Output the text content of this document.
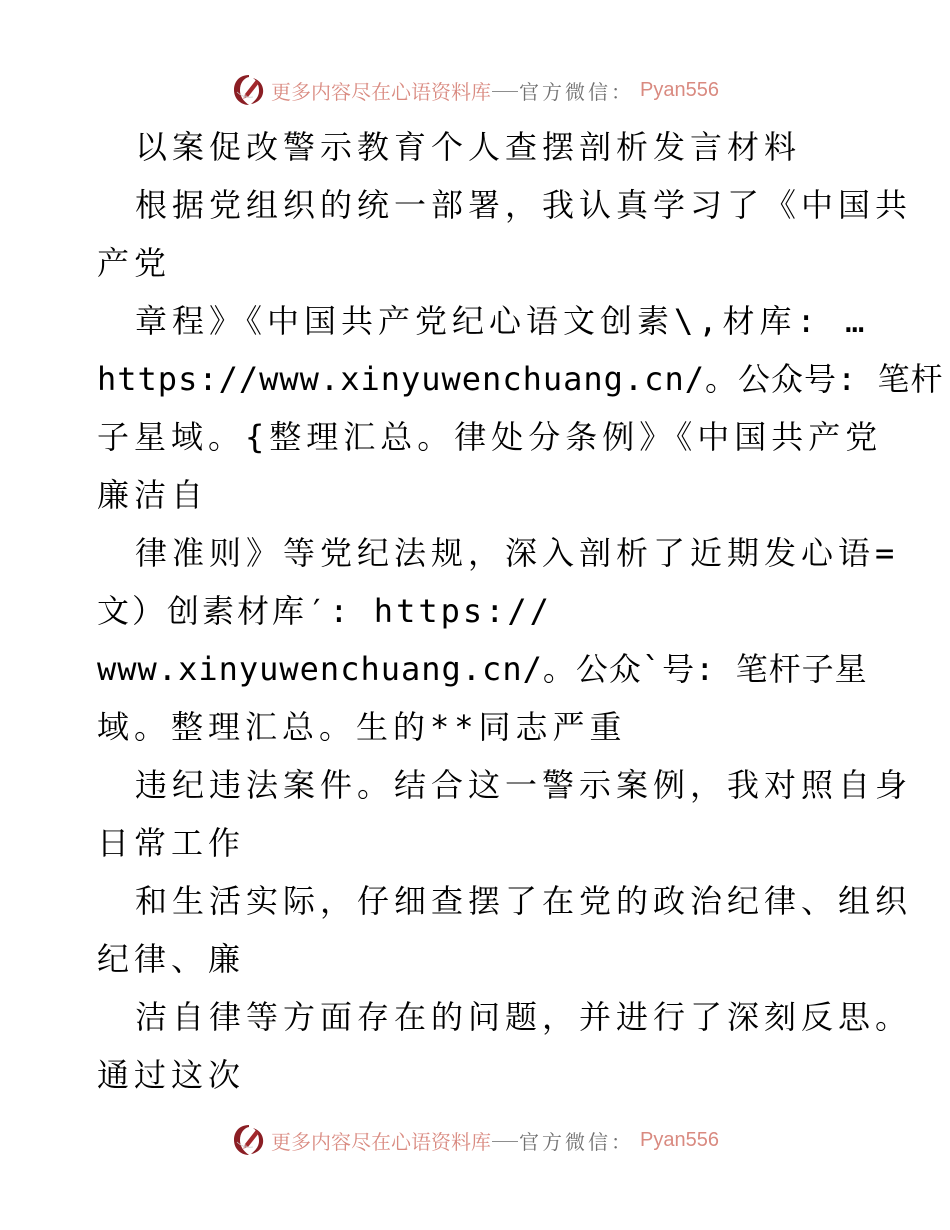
更多内容尽在心语资料库 官方微信： Pyan556
以案促改警示教育个人查摆剖析发言材料
根据党组织的统一部署，我认真学习了《中国共
产党
章程》《中国共产党纪心语文创素\,材库: …
https://www.xinyuwenchuang.cn/。公众号: 笔杆
子星域。{整理汇总。律处分条例》《中国共产党
廉洁自
律准则》等党纪法规，深入剖析了近期发心语=
文）创素材库′: https://
www.xinyuwenchuang.cn/。公众`号: 笔杆子星
域。整理汇总。生的**同志严重
违纪违法案件。结合这一警示案例，我对照自身
日常工作
和生活实际，仔细查摆了在党的政治纪律、组织
纪律、廉
洁自律等方面存在的问题，并进行了深刻反思。
通过这次
更多内容尽在心语资料库 官方微信： Pyan556
